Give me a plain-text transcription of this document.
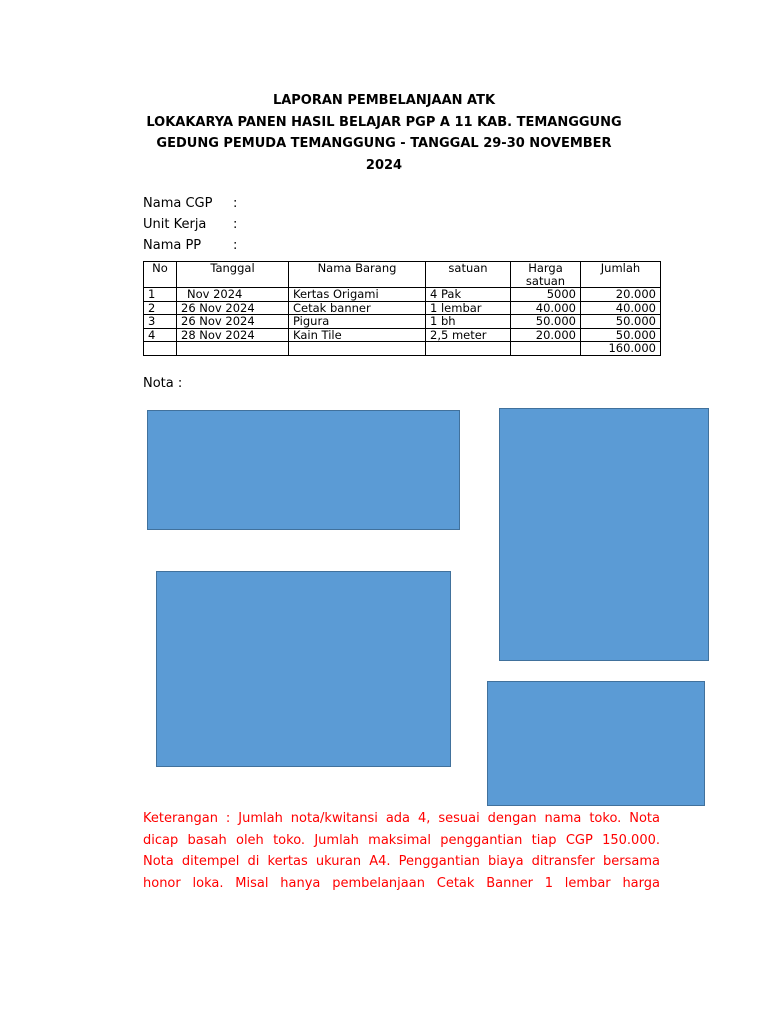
LAPORAN PEMBELANJAAN ATK
LOKAKARYA PANEN HASIL BELAJAR PGP A 11 KAB. TEMANGGUNG
GEDUNG PEMUDA TEMANGGUNG - TANGGAL 29-30 NOVEMBER
2024
Nama CGP :
Unit Kerja :
Nama PP :
No	Tanggal	Nama Barang	satuan	Harga satuan	Jumlah
1	Nov 2024	Kertas Origami	4 Pak	5000	20.000
2	26 Nov 2024	Cetak banner	1 lembar	40.000	40.000
3	26 Nov 2024	Pigura	1 bh	50.000	50.000
4	28 Nov 2024	Kain Tile	2,5 meter	20.000	50.000
					160.000
Nota :
Keterangan : Jumlah nota/kwitansi ada 4, sesuai dengan nama toko. Nota
dicap basah oleh toko. Jumlah maksimal penggantian tiap CGP 150.000.
Nota ditempel di kertas ukuran A4. Penggantian biaya ditransfer bersama
honor loka. Misal hanya pembelanjaan Cetak Banner 1 lembar harga
